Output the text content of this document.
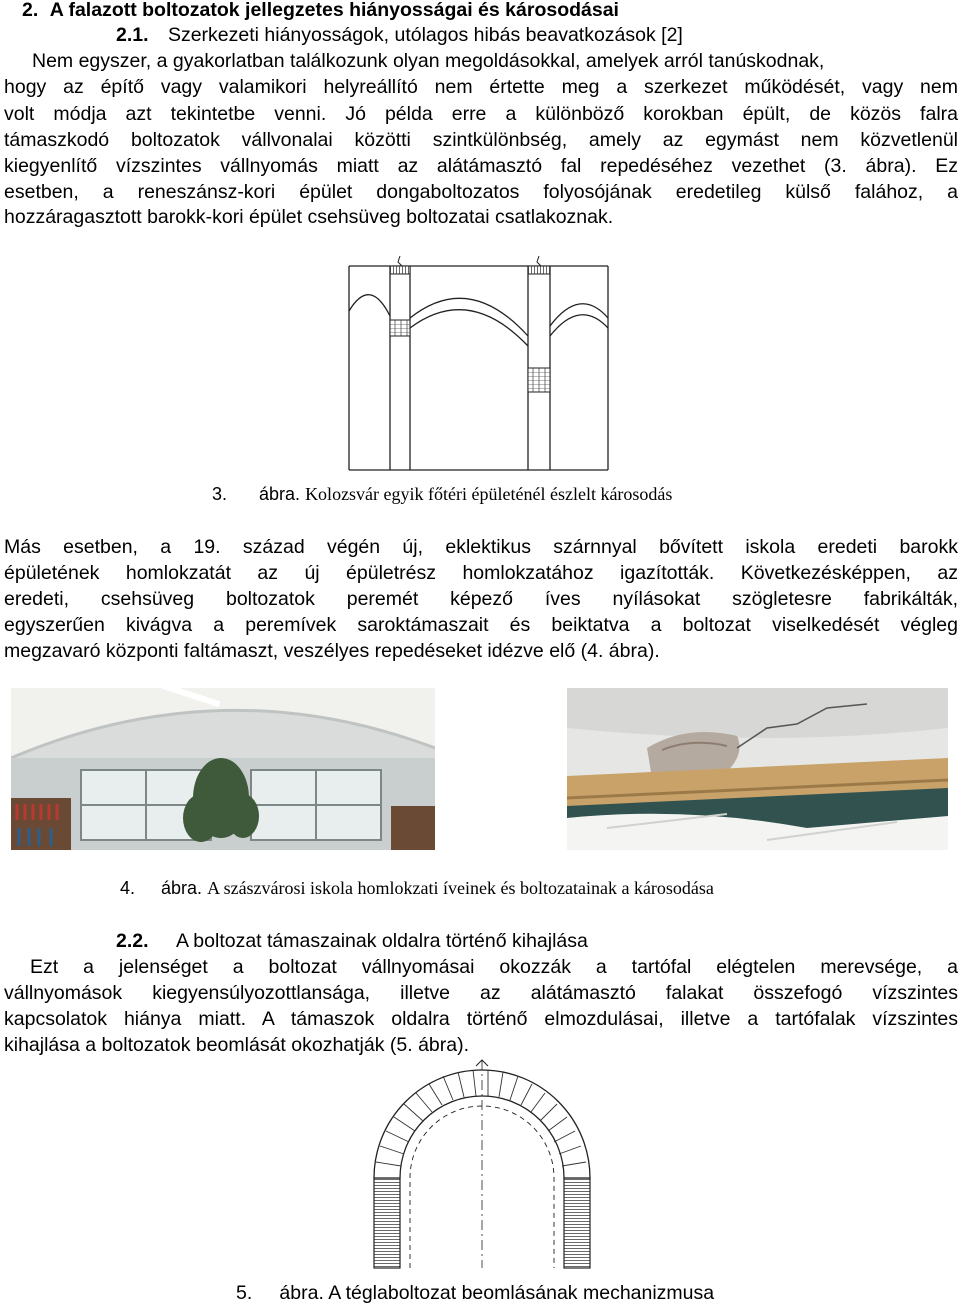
2. A falazott boltozatok jellegzetes hiányosságai és károsodásai
2.1. Szerkezeti hiányosságok, utólagos hibás beavatkozások [2]
Nem egyszer, a gyakorlatban találkozunk olyan megoldásokkal, amelyek arról tanúskodnak,
hogy az építő vagy valamikori helyreállító nem értette meg a szerkezet működését, vagy nem
volt módja azt tekintetbe venni. Jó példa erre a különböző korokban épült, de közös falra
támaszkodó boltozatok vállvonalai közötti szintkülönbség, amely az egymást nem közvetlenül
kiegyenlítő vízszintes vállnyomás miatt az alátámasztó fal repedéséhez vezethet (3. ábra). Ez
esetben, a reneszánsz-kori épület dongaboltozatos folyosójának eredetileg külső falához, a
hozzáragasztott barokk-kori épület csehsüveg boltozatai csatlakoznak.
3. ábra. Kolozsvár egyik főtéri épületénél észlelt károsodás
Más esetben, a 19. század végén új, eklektikus szárnnyal bővített iskola eredeti barokk
épületének homlokzatát az új épületrész homlokzatához igazították. Következésképpen, az
eredeti, csehsüveg boltozatok peremét képező íves nyílásokat szögletesre fabrikálták,
egyszerűen kivágva a peremívek saroktámaszait és beiktatva a boltozat viselkedését végleg
megzavaró központi faltámaszt, veszélyes repedéseket idézve elő (4. ábra).
4. ábra. A szászvárosi iskola homlokzati íveinek és boltozatainak a károsodása
2.2. A boltozat támaszainak oldalra történő kihajlása
Ezt a jelenséget a boltozat vállnyomásai okozzák a tartófal elégtelen merevsége, a
vállnyomások kiegyensúlyozottlansága, illetve az alátámasztó falakat összefogó vízszintes
kapcsolatok hiánya miatt. A támaszok oldalra történő elmozdulásai, illetve a tartófalak vízszintes
kihajlása a boltozatok beomlását okozhatják (5. ábra).
5. ábra. A téglaboltozat beomlásának mechanizmusa
